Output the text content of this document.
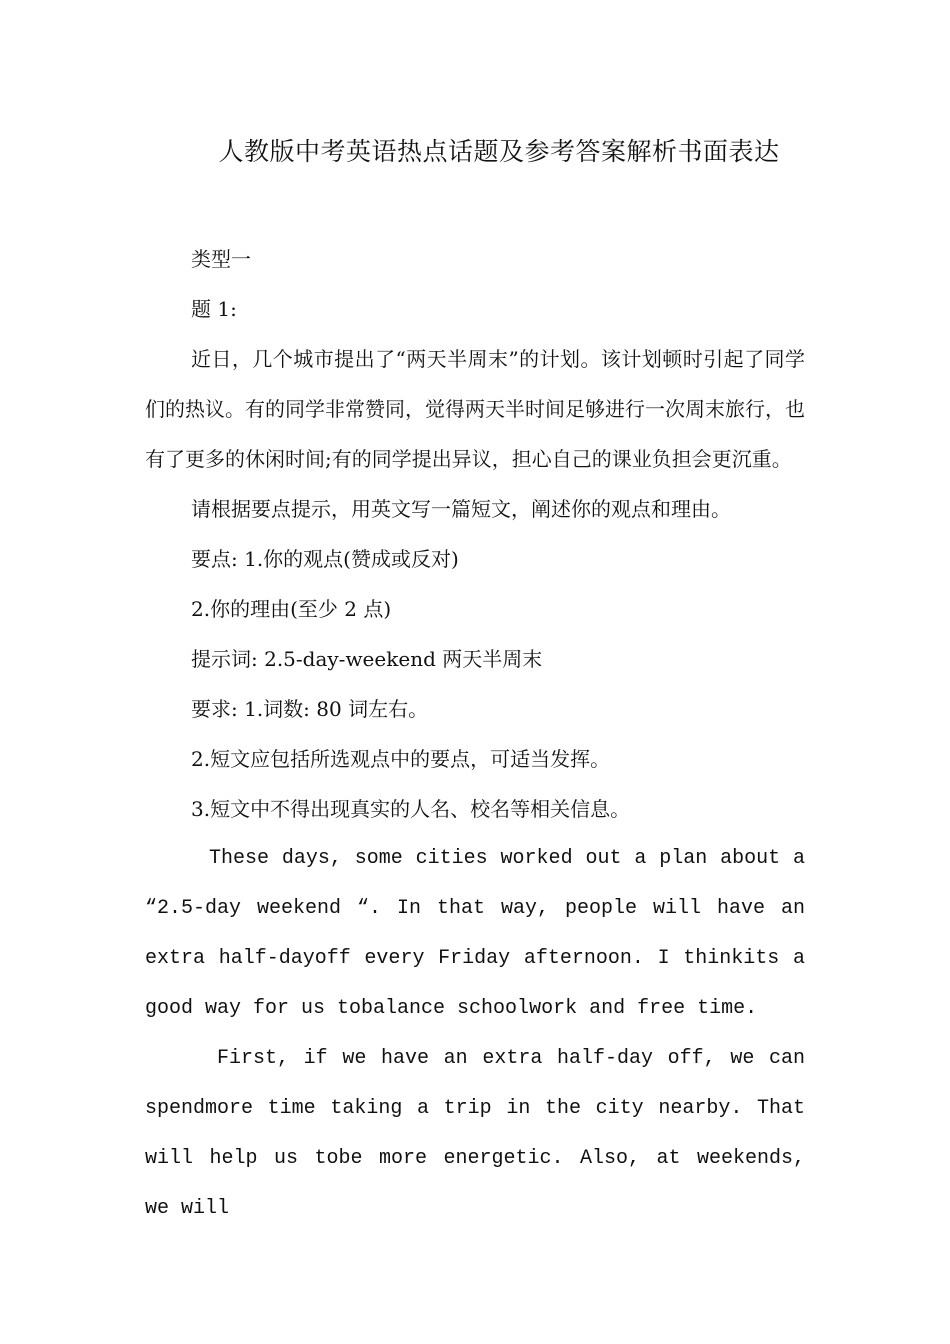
人教版中考英语热点话题及参考答案解析书面表达

类型一

题 1:

近日，几个城市提出了“两天半周末”的计划。该计划顿时引起了同学们的热议。有的同学非常赞同，觉得两天半时间足够进行一次周末旅行，也有了更多的休闲时间;有的同学提出异议，担心自己的课业负担会更沉重。

请根据要点提示，用英文写一篇短文，阐述你的观点和理由。

要点: 1.你的观点(赞成或反对)

2.你的理由(至少 2 点)

提示词: 2.5-day-weekend 两天半周末

要求: 1.词数: 80 词左右。

2.短文应包括所选观点中的要点，可适当发挥。

3.短文中不得出现真实的人名、校名等相关信息。

These days, some cities worked out a plan about a “2.5-day weekend “. In that way, people will have an extra half-dayoff every Friday afternoon. I thinkits a good way for us tobalance schoolwork and free time.

First, if we have an extra half-day off, we can spendmore time taking a trip in the city nearby. That will help us tobe more energetic. Also, at weekends, we will
